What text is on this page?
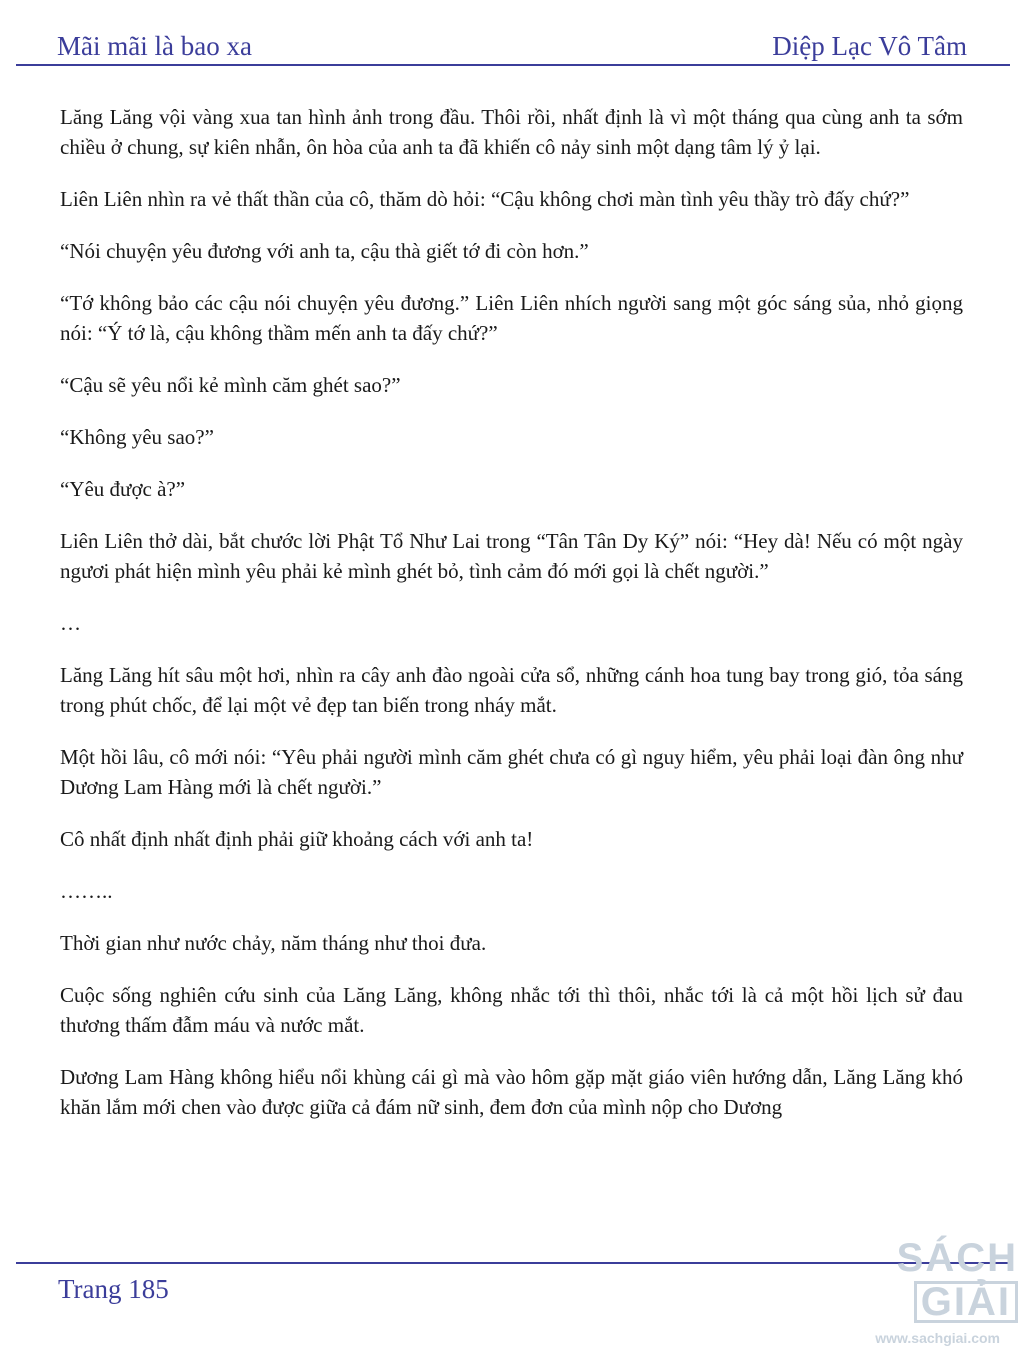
Mãi mãi là bao xa	Diệp Lạc Vô Tâm

Lăng Lăng vội vàng xua tan hình ảnh trong đầu. Thôi rồi, nhất định là vì một tháng qua cùng anh ta sớm chiều ở chung, sự kiên nhẫn, ôn hòa của anh ta đã khiến cô nảy sinh một dạng tâm lý ỷ lại.

Liên Liên nhìn ra vẻ thất thần của cô, thăm dò hỏi: “Cậu không chơi màn tình yêu thầy trò đấy chứ?”

“Nói chuyện yêu đương với anh ta, cậu thà giết tớ đi còn hơn.”

“Tớ không bảo các cậu nói chuyện yêu đương.” Liên Liên nhích người sang một góc sáng sủa, nhỏ giọng nói: “Ý tớ là, cậu không thầm mến anh ta đấy chứ?”

“Cậu sẽ yêu nổi kẻ mình căm ghét sao?”

“Không yêu sao?”

“Yêu được à?”

Liên Liên thở dài, bắt chước lời Phật Tổ Như Lai trong “Tân Tân Dy Ký” nói: “Hey dà! Nếu có một ngày ngươi phát hiện mình yêu phải kẻ mình ghét bỏ, tình cảm đó mới gọi là chết người.”

…

Lăng Lăng hít sâu một hơi, nhìn ra cây anh đào ngoài cửa sổ, những cánh hoa tung bay trong gió, tỏa sáng trong phút chốc, để lại một vẻ đẹp tan biến trong nháy mắt.

Một hồi lâu, cô mới nói: “Yêu phải người mình căm ghét chưa có gì nguy hiểm, yêu phải loại đàn ông như Dương Lam Hàng mới là chết người.”

Cô nhất định nhất định phải giữ khoảng cách với anh ta!

……..

Thời gian như nước chảy, năm tháng như thoi đưa.

Cuộc sống nghiên cứu sinh của Lăng Lăng, không nhắc tới thì thôi, nhắc tới là cả một hồi lịch sử đau thương thấm đẫm máu và nước mắt.

Dương Lam Hàng không hiểu nổi khùng cái gì mà vào hôm gặp mặt giáo viên hướng dẫn, Lăng Lăng khó khăn lắm mới chen vào được giữa cả đám nữ sinh, đem đơn của mình nộp cho Dương

Trang 185
SÁCHGIẢI
www.sachgiai.com
